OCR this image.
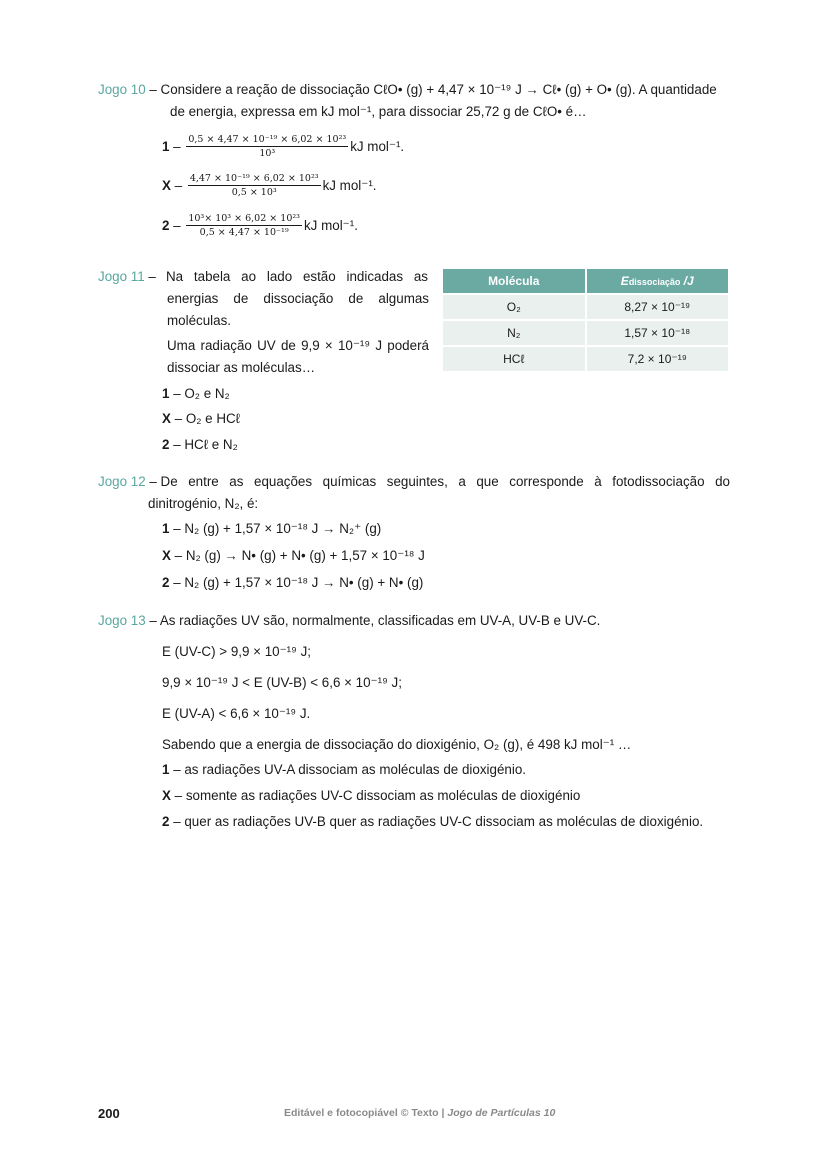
Jogo 10 – Considere a reação de dissociação CℓO• (g) + 4,47 × 10⁻¹⁹ J → Cℓ• (g) + O• (g). A quantidade
de energia, expressa em kJ mol⁻¹, para dissociar 25,72 g de CℓO• é…
$1 - \frac{\text{0,5 × 4,47 × 10⁻¹⁹ × 6,02 × 10²³}}{\text{10³}}$ kJ mol⁻¹.
X – $\frac{\text{4,47 × 10⁻¹⁹ × 6,02 × 10²³}}{\text{0,5 × 10³}}$ kJ mol⁻¹.
$2 - \frac{\text{10³× 10³ × 6,02 × 10²³}}{\text{0,5 × 4,47 × 10⁻¹⁹}}$ kJ mol⁻¹.
Jogo 11 – Na tabela ao lado estão indicadas as
energias de dissociação de algumas
moléculas.
Uma radiação UV de 9,9 × 10⁻¹⁹ J poderá
dissociar as moléculas…
1 – O₂ e N₂
X – O₂ e HCℓ
2 – HCℓ e N₂
Molécula	Edissociação /J
O₂	8,27 × 10⁻¹⁹
N₂	1,57 × 10⁻¹⁸
HCℓ	7,2 × 10⁻¹⁹
Jogo 12 – De entre as equações químicas seguintes, a que corresponde à fotodissociação do
dinitrogénio, N₂, é:
1 – N₂ (g) + 1,57 × 10⁻¹⁸ J → N₂⁺ (g)
X – N₂ (g) → N• (g) + N• (g) + 1,57 × 10⁻¹⁸ J
2 – N₂ (g) + 1,57 × 10⁻¹⁸ J → N• (g) + N• (g)
Jogo 13 – As radiações UV são, normalmente, classificadas em UV-A, UV-B e UV-C.
E (UV-C) > 9,9 × 10⁻¹⁹ J;
9,9 × 10⁻¹⁹ J < E (UV-B) < 6,6 × 10⁻¹⁹ J;
E (UV-A) < 6,6 × 10⁻¹⁹ J.
Sabendo que a energia de dissociação do dioxigénio, O₂ (g), é 498 kJ mol⁻¹ …
1 – as radiações UV-A dissociam as moléculas de dioxigénio.
X – somente as radiações UV-C dissociam as moléculas de dioxigénio
2 – quer as radiações UV-B quer as radiações UV-C dissociam as moléculas de dioxigénio.
200	Editável e fotocopiável © Texto | Jogo de Partículas 10
